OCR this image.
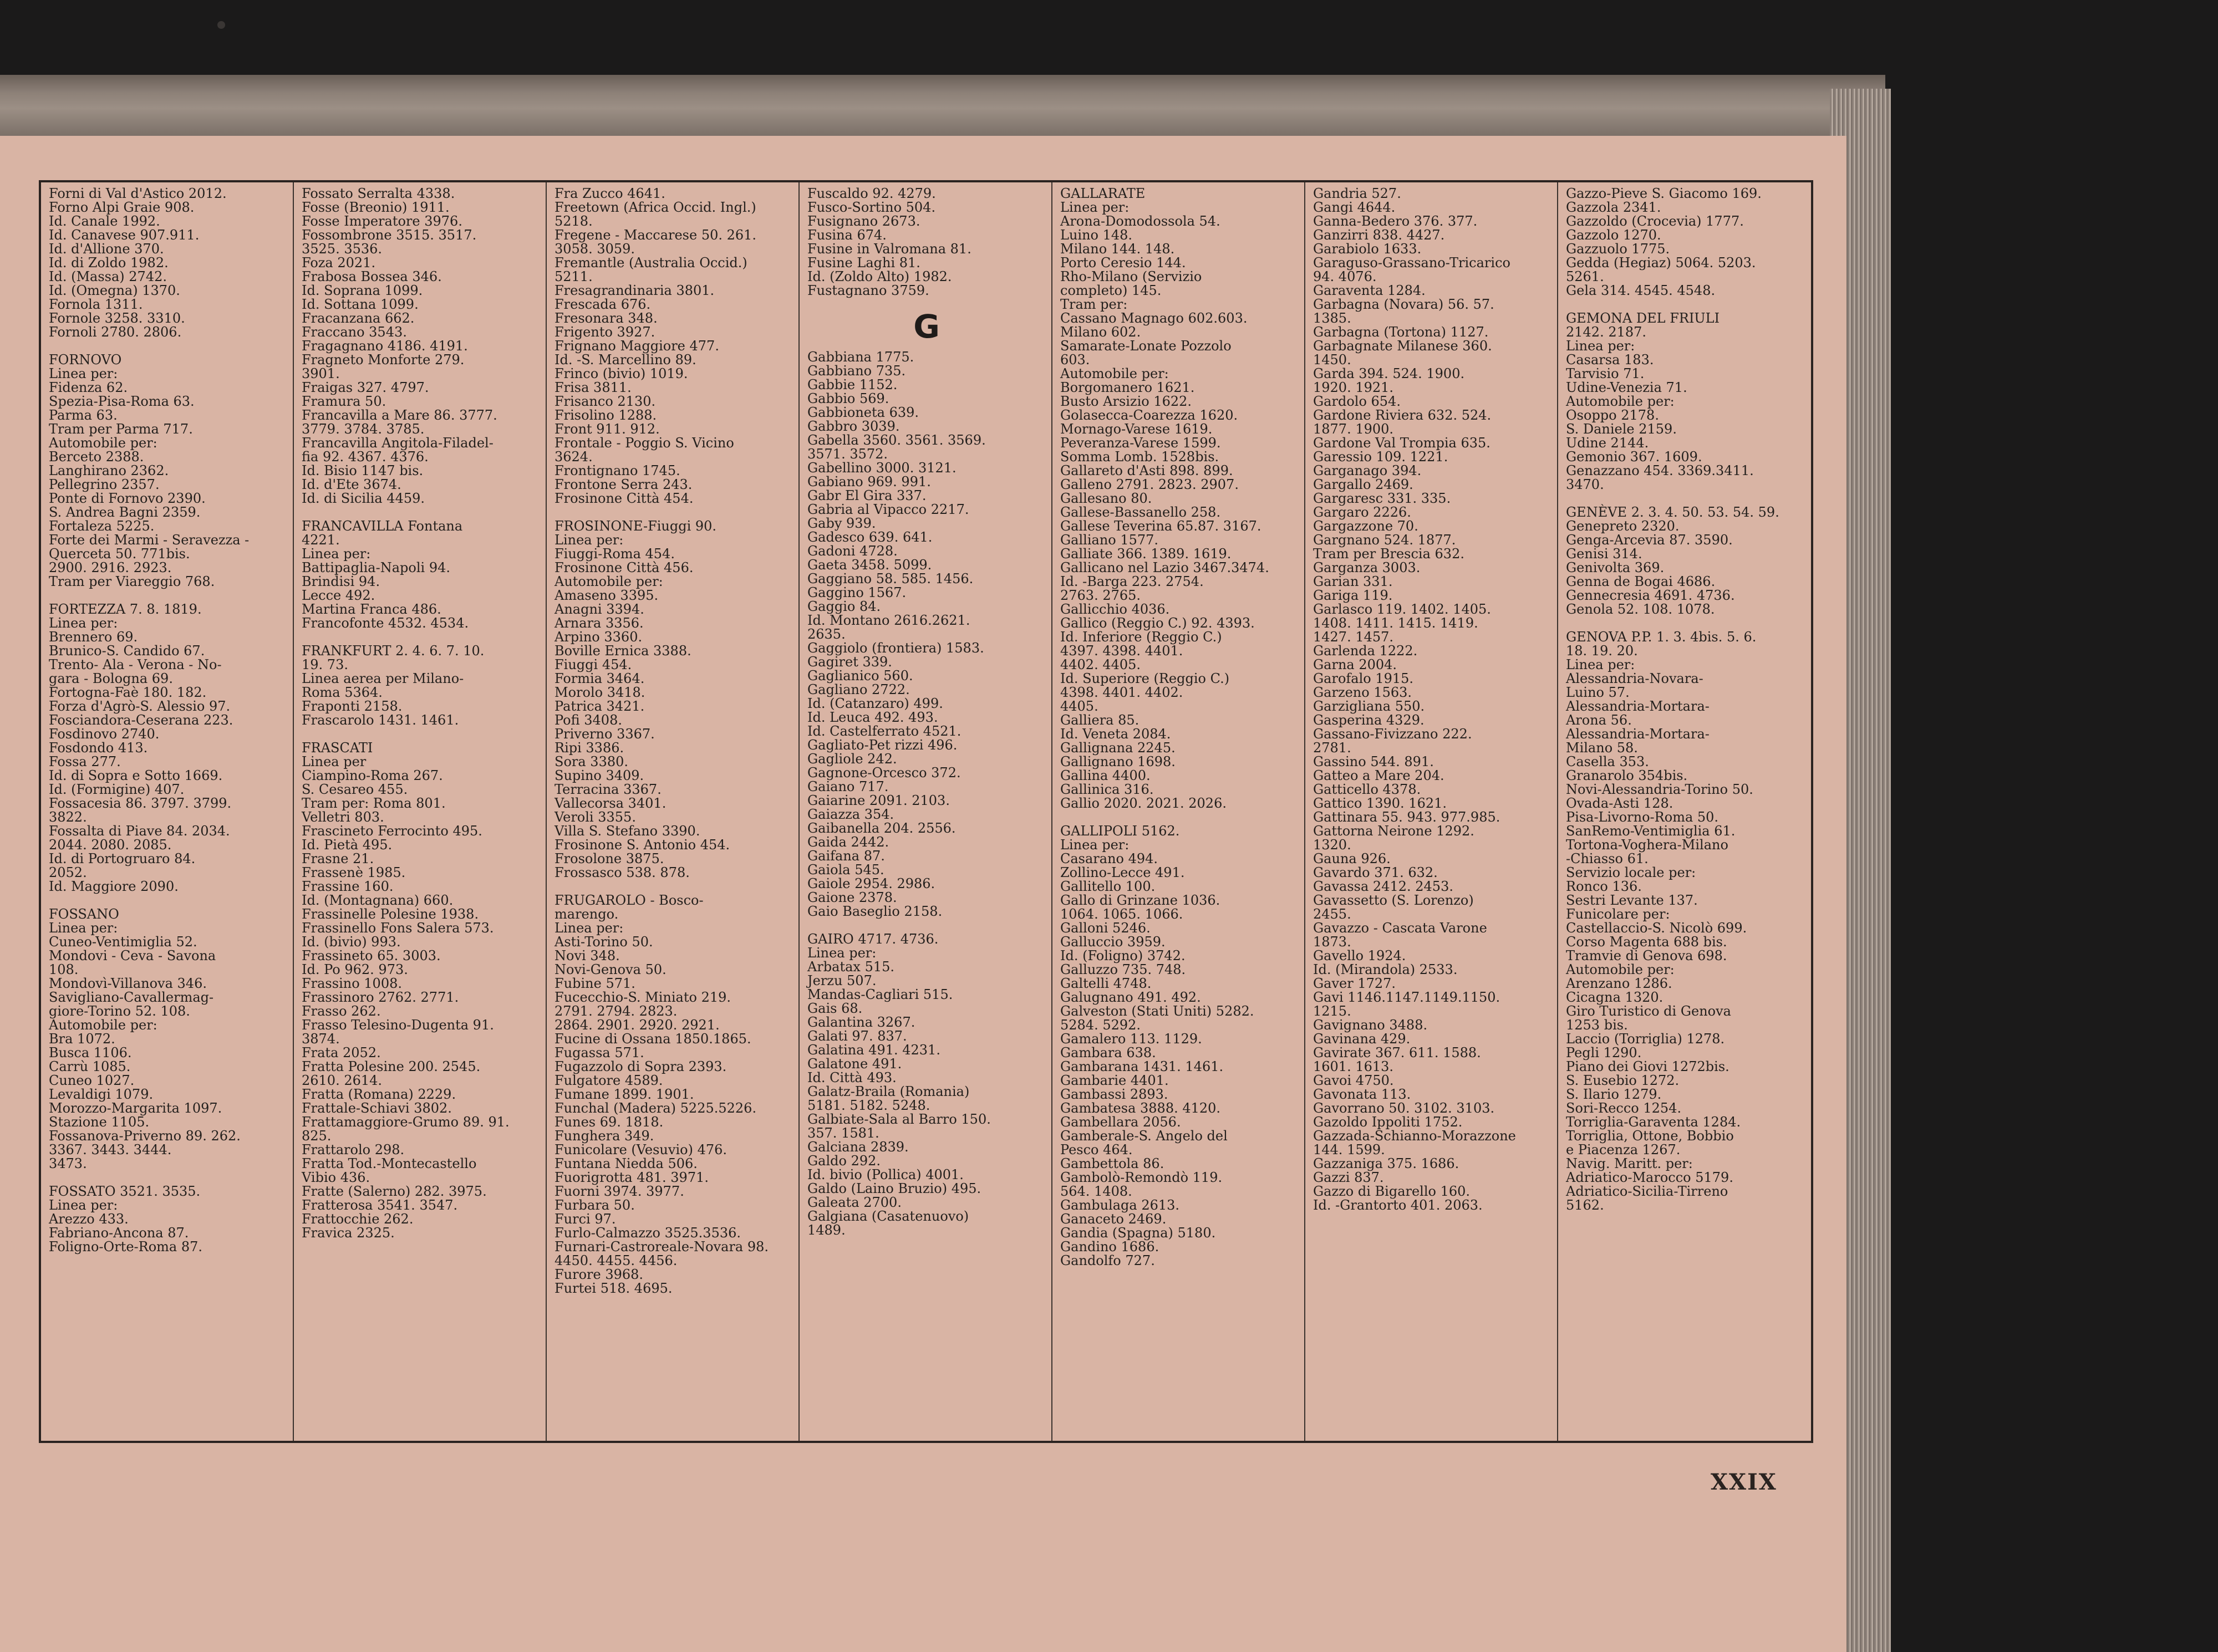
Forni di Val d'Astico 2012.
Forno Alpi Graie 908.
Id. Canale 1992.
Id. Canavese 907.911.
Id. d'Allione 370.
Id. di Zoldo 1982.
Id. (Massa) 2742.
Id. (Omegna) 1370.
Fornola 1311.
Fornole 3258. 3310.
Fornoli 2780. 2806.

FORNOVO
Linea per:
Fidenza 62.
Spezia-Pisa-Roma 63.
Parma 63.
Tram per Parma 717.
Automobile per:
Berceto 2388.
Langhirano 2362.
Pellegrino 2357.
Ponte di Fornovo 2390.
S. Andrea Bagni 2359.
Fortaleza 5225.
Forte dei Marmi - Seravezza -
Querceta 50. 771bis.
2900. 2916. 2923.
Tram per Viareggio 768.

FORTEZZA 7. 8. 1819.
Linea per:
Brennero 69.
Brunico-S. Candido 67.
Trento- Ala - Verona - No-
gara - Bologna 69.
Fortogna-Faè 180. 182.
Forza d'Agrò-S. Alessio 97.
Fosciandora-Ceserana 223.
Fosdinovo 2740.
Fosdondo 413.
Fossa 277.
Id. di Sopra e Sotto 1669.
Id. (Formigine) 407.
Fossacesia 86. 3797. 3799.
3822.
Fossalta di Piave 84. 2034.
2044. 2080. 2085.
Id. di Portogruaro 84.
2052.
Id. Maggiore 2090.

FOSSANO
Linea per:
Cuneo-Ventimiglia 52.
Mondovi - Ceva - Savona
108.
Mondovì-Villanova 346.
Savigliano-Cavallermag-
giore-Torino 52. 108.
Automobile per:
Bra 1072.
Busca 1106.
Carrù 1085.
Cuneo 1027.
Levaldigi 1079.
Morozzo-Margarita 1097.
Stazione 1105.
Fossanova-Priverno 89. 262.
3367. 3443. 3444.
3473.

FOSSATO 3521. 3535.
Linea per:
Arezzo 433.
Fabriano-Ancona 87.
Foligno-Orte-Roma 87.
Fossato Serralta 4338.
Fosse (Breonio) 1911.
Fosse Imperatore 3976.
Fossombrone 3515. 3517.
3525. 3536.
Foza 2021.
Frabosa Bossea 346.
Id. Soprana 1099.
Id. Sottana 1099.
Fracanzana 662.
Fraccano 3543.
Fragagnano 4186. 4191.
Fragneto Monforte 279.
3901.
Fraigas 327. 4797.
Framura 50.
Francavilla a Mare 86. 3777.
3779. 3784. 3785.
Francavilla Angitola-Filadel-
fia 92. 4367. 4376.
Id. Bisio 1147 bis.
Id. d'Ete 3674.
Id. di Sicilia 4459.

FRANCAVILLA Fontana
4221.
Linea per:
Battipaglia-Napoli 94.
Brindisi 94.
Lecce 492.
Martina Franca 486.
Francofonte 4532. 4534.

FRANKFURT 2. 4. 6. 7. 10.
19. 73.
Linea aerea per Milano-
Roma 5364.
Fraponti 2158.
Frascarolo 1431. 1461.

FRASCATI
Linea per
Ciampino-Roma 267.
S. Cesareo 455.
Tram per: Roma 801.
Velletri 803.
Frascineto Ferrocinto 495.
Id. Pietà 495.
Frasne 21.
Frassenè 1985.
Frassine 160.
Id. (Montagnana) 660.
Frassinelle Polesine 1938.
Frassinello Fons Salera 573.
Id. (bivio) 993.
Frassineto 65. 3003.
Id. Po 962. 973.
Frassino 1008.
Frassinoro 2762. 2771.
Frasso 262.
Frasso Telesino-Dugenta 91.
3874.
Frata 2052.
Fratta Polesine 200. 2545.
2610. 2614.
Fratta (Romana) 2229.
Frattale-Schiavi 3802.
Frattamaggiore-Grumo 89. 91.
825.
Frattarolo 298.
Fratta Tod.-Montecastello
Vibio 436.
Fratte (Salerno) 282. 3975.
Fratterosa 3541. 3547.
Frattocchie 262.
Fravica 2325.
Fra Zucco 4641.
Freetown (Africa Occid. Ingl.)
5218.
Fregene - Maccarese 50. 261.
3058. 3059.
Fremantle (Australia Occid.)
5211.
Fresagrandinaria 3801.
Frescada 676.
Fresonara 348.
Frigento 3927.
Frignano Maggiore 477.
Id. -S. Marcellino 89.
Frinco (bivio) 1019.
Frisa 3811.
Frisanco 2130.
Frisolino 1288.
Front 911. 912.
Frontale - Poggio S. Vicino
3624.
Frontignano 1745.
Frontone Serra 243.
Frosinone Città 454.

FROSINONE-Fiuggi 90.
Linea per:
Fiuggi-Roma 454.
Frosinone Città 456.
Automobile per:
Amaseno 3395.
Anagni 3394.
Arnara 3356.
Arpino 3360.
Boville Ernica 3388.
Fiuggi 454.
Formia 3464.
Morolo 3418.
Patrica 3421.
Pofi 3408.
Priverno 3367.
Ripi 3386.
Sora 3380.
Supino 3409.
Terracina 3367.
Vallecorsa 3401.
Veroli 3355.
Villa S. Stefano 3390.
Frosinone S. Antonio 454.
Frosolone 3875.
Frossasco 538. 878.

FRUGAROLO - Bosco-
marengo.
Linea per:
Asti-Torino 50.
Novi 348.
Novi-Genova 50.
Fubine 571.
Fucecchio-S. Miniato 219.
2791. 2794. 2823.
2864. 2901. 2920. 2921.
Fucine di Ossana 1850.1865.
Fugassa 571.
Fugazzolo di Sopra 2393.
Fulgatore 4589.
Fumane 1899. 1901.
Funchal (Madera) 5225.5226.
Funes 69. 1818.
Funghera 349.
Funicolare (Vesuvio) 476.
Funtana Niedda 506.
Fuorigrotta 481. 3971.
Fuorni 3974. 3977.
Furbara 50.
Furci 97.
Furlo-Calmazzo 3525.3536.
Furnari-Castroreale-Novara 98.
4450. 4455. 4456.
Furore 3968.
Furtei 518. 4695.
Fuscaldo 92. 4279.
Fusco-Sortino 504.
Fusignano 2673.
Fusina 674.
Fusine in Valromana 81.
Fusine Laghi 81.
Id. (Zoldo Alto) 1982.
Fustagnano 3759.
G
Gabbiana 1775.
Gabbiano 735.
Gabbie 1152.
Gabbio 569.
Gabbioneta 639.
Gabbro 3039.
Gabella 3560. 3561. 3569.
3571. 3572.
Gabellino 3000. 3121.
Gabiano 969. 991.
Gabr El Gira 337.
Gabria al Vipacco 2217.
Gaby 939.
Gadesco 639. 641.
Gadoni 4728.
Gaeta 3458. 5099.
Gaggiano 58. 585. 1456.
Gaggino 1567.
Gaggio 84.
Id. Montano 2616.2621.
2635.
Gaggiolo (frontiera) 1583.
Gagiret 339.
Gaglianico 560.
Gagliano 2722.
Id. (Catanzaro) 499.
Id. Leuca 492. 493.
Id. Castelferrato 4521.
Gagliato-Pet rizzi 496.
Gagliole 242.
Gagnone-Orcesco 372.
Gaiano 717.
Gaiarine 2091. 2103.
Gaiazza 354.
Gaibanella 204. 2556.
Gaida 2442.
Gaifana 87.
Gaiola 545.
Gaiole 2954. 2986.
Gaione 2378.
Gaio Baseglio 2158.

GAIRO 4717. 4736.
Linea per:
Arbatax 515.
Jerzu 507.
Mandas-Cagliari 515.
Gais 68.
Galantina 3267.
Galati 97. 837.
Galatina 491. 4231.
Galatone 491.
Id. Città 493.
Galatz-Braila (Romania)
5181. 5182. 5248.
Galbiate-Sala al Barro 150.
357. 1581.
Galciana 2839.
Galdo 292.
Id. bivio (Pollica) 4001.
Galdo (Laino Bruzio) 495.
Galeata 2700.
Galgiana (Casatenuovo)
1489.
GALLARATE
Linea per:
Arona-Domodossola 54.
Luino 148.
Milano 144. 148.
Porto Ceresio 144.
Rho-Milano (Servizio
completo) 145.
Tram per:
Cassano Magnago 602.603.
Milano 602.
Samarate-Lonate Pozzolo
603.
Automobile per:
Borgomanero 1621.
Busto Arsizio 1622.
Golasecca-Coarezza 1620.
Mornago-Varese 1619.
Peveranza-Varese 1599.
Somma Lomb. 1528bis.
Gallareto d'Asti 898. 899.
Galleno 2791. 2823. 2907.
Gallesano 80.
Gallese-Bassanello 258.
Gallese Teverina 65.87. 3167.
Galliano 1577.
Galliate 366. 1389. 1619.
Gallicano nel Lazio 3467.3474.
Id. -Barga 223. 2754.
2763. 2765.
Gallicchio 4036.
Gallico (Reggio C.) 92. 4393.
Id. Inferiore (Reggio C.)
4397. 4398. 4401.
4402. 4405.
Id. Superiore (Reggio C.)
4398. 4401. 4402.
4405.
Galliera 85.
Id. Veneta 2084.
Gallignana 2245.
Gallignano 1698.
Gallina 4400.
Gallinica 316.
Gallio 2020. 2021. 2026.

GALLIPOLI 5162.
Linea per:
Casarano 494.
Zollino-Lecce 491.
Gallitello 100.
Gallo di Grinzane 1036.
1064. 1065. 1066.
Galloni 5246.
Galluccio 3959.
Id. (Foligno) 3742.
Galluzzo 735. 748.
Galtelli 4748.
Galugnano 491. 492.
Galveston (Stati Uniti) 5282.
5284. 5292.
Gamalero 113. 1129.
Gambara 638.
Gambarana 1431. 1461.
Gambarie 4401.
Gambassi 2893.
Gambatesa 3888. 4120.
Gambellara 2056.
Gamberale-S. Angelo del
Pesco 464.
Gambettola 86.
Gambolò-Remondò 119.
564. 1408.
Gambulaga 2613.
Ganaceto 2469.
Gandia (Spagna) 5180.
Gandino 1686.
Gandolfo 727.
Gandria 527.
Gangi 4644.
Ganna-Bedero 376. 377.
Ganzirri 838. 4427.
Garabiolo 1633.
Garaguso-Grassano-Tricarico
94. 4076.
Garaventa 1284.
Garbagna (Novara) 56. 57.
1385.
Garbagna (Tortona) 1127.
Garbagnate Milanese 360.
1450.
Garda 394. 524. 1900.
1920. 1921.
Gardolo 654.
Gardone Riviera 632. 524.
1877. 1900.
Gardone Val Trompia 635.
Garessio 109. 1221.
Garganago 394.
Gargallo 2469.
Gargaresc 331. 335.
Gargaro 2226.
Gargazzone 70.
Gargnano 524. 1877.
Tram per Brescia 632.
Garganza 3003.
Garian 331.
Gariga 119.
Garlasco 119. 1402. 1405.
1408. 1411. 1415. 1419.
1427. 1457.
Garlenda 1222.
Garna 2004.
Garofalo 1915.
Garzeno 1563.
Garzigliana 550.
Gasperina 4329.
Gassano-Fivizzano 222.
2781.
Gassino 544. 891.
Gatteo a Mare 204.
Gatticello 4378.
Gattico 1390. 1621.
Gattinara 55. 943. 977.985.
Gattorna Neirone 1292.
1320.
Gauna 926.
Gavardo 371. 632.
Gavassa 2412. 2453.
Gavassetto (S. Lorenzo)
2455.
Gavazzo - Cascata Varone
1873.
Gavello 1924.
Id. (Mirandola) 2533.
Gaver 1727.
Gavi 1146.1147.1149.1150.
1215.
Gavignano 3488.
Gavinana 429.
Gavirate 367. 611. 1588.
1601. 1613.
Gavoi 4750.
Gavonata 113.
Gavorrano 50. 3102. 3103.
Gazoldo Ippoliti 1752.
Gazzada-Schianno-Morazzone
144. 1599.
Gazzaniga 375. 1686.
Gazzi 837.
Gazzo di Bigarello 160.
Id. -Grantorto 401. 2063.
Gazzo-Pieve S. Giacomo 169.
Gazzola 2341.
Gazzoldo (Crocevia) 1777.
Gazzolo 1270.
Gazzuolo 1775.
Gedda (Hegiaz) 5064. 5203.
5261.
Gela 314. 4545. 4548.

GEMONA DEL FRIULI
2142. 2187.
Linea per:
Casarsa 183.
Tarvisio 71.
Udine-Venezia 71.
Automobile per:
Osoppo 2178.
S. Daniele 2159.
Udine 2144.
Gemonio 367. 1609.
Genazzano 454. 3369.3411.
3470.

GENÈVE 2. 3. 4. 50. 53. 54. 59.
Genepreto 2320.
Genga-Arcevia 87. 3590.
Genisi 314.
Genivolta 369.
Genna de Bogai 4686.
Gennecresia 4691. 4736.
Genola 52. 108. 1078.

GENOVA P.P. 1. 3. 4bis. 5. 6.
18. 19. 20.
Linea per:
Alessandria-Novara-
Luino 57.
Alessandria-Mortara-
Arona 56.
Alessandria-Mortara-
Milano 58.
Casella 353.
Granarolo 354bis.
Novi-Alessandria-Torino 50.
Ovada-Asti 128.
Pisa-Livorno-Roma 50.
SanRemo-Ventimiglia 61.
Tortona-Voghera-Milano
-Chiasso 61.
Servizio locale per:
Ronco 136.
Sestri Levante 137.
Funicolare per:
Castellaccio-S. Nicolò 699.
Corso Magenta 688 bis.
Tramvie di Genova 698.
Automobile per:
Arenzano 1286.
Cicagna 1320.
Giro Turistico di Genova
1253 bis.
Laccio (Torriglia) 1278.
Pegli 1290.
Piano dei Giovi 1272bis.
S. Eusebio 1272.
S. Ilario 1279.
Sori-Recco 1254.
Torriglia-Garaventa 1284.
Torriglia, Ottone, Bobbio
e Piacenza 1267.
Navig. Maritt. per:
Adriatico-Marocco 5179.
Adriatico-Sicilia-Tirreno
5162.
XXIX
